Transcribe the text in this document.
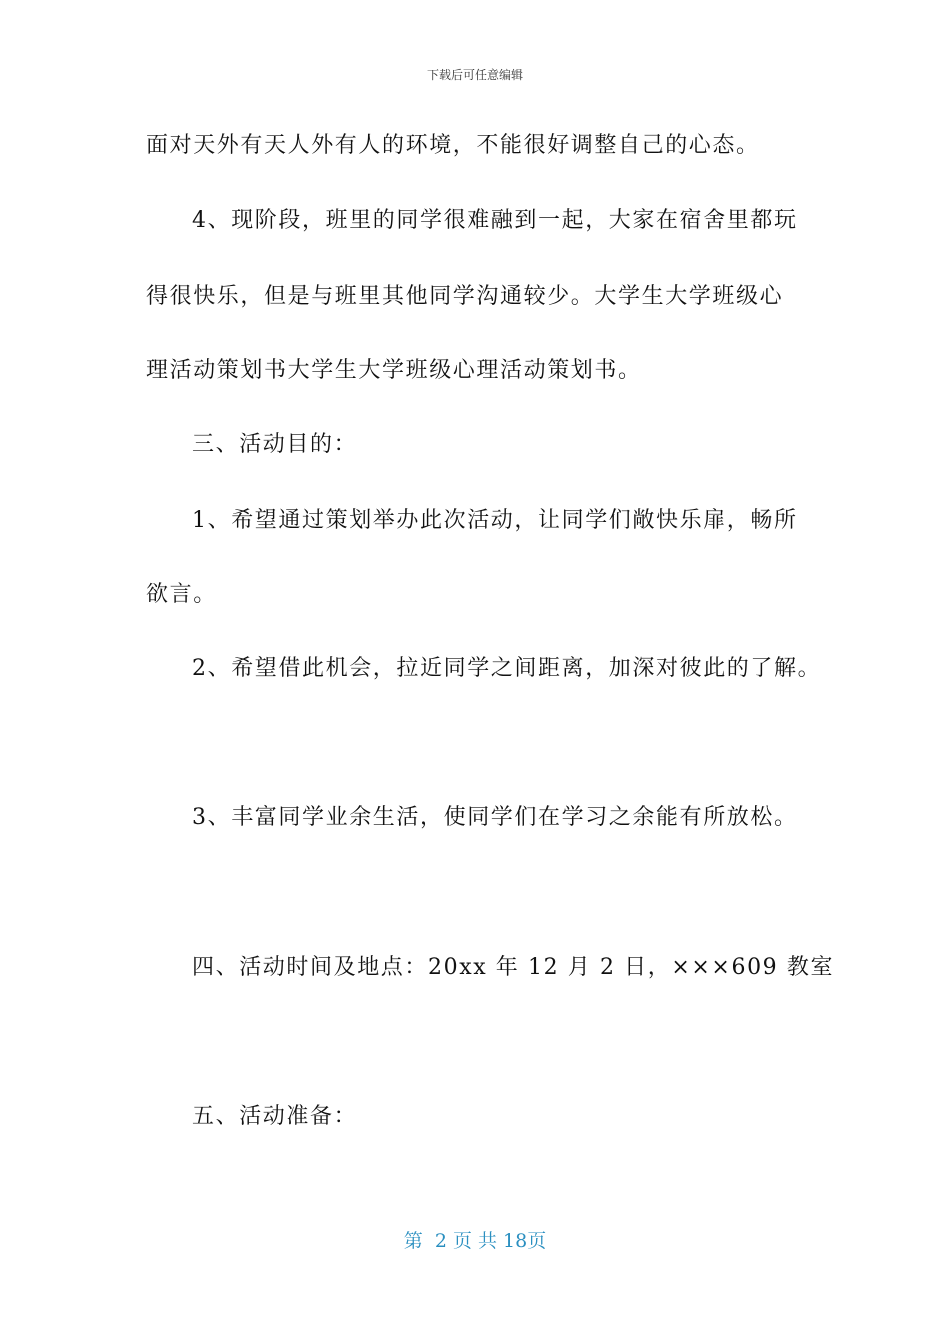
下载后可任意编辑
面对天外有天人外有人的环境，不能很好调整自己的心态。
4、现阶段，班里的同学很难融到一起，大家在宿舍里都玩
得很快乐，但是与班里其他同学沟通较少。大学生大学班级心
理活动策划书大学生大学班级心理活动策划书。
三、活动目的：
1、希望通过策划举办此次活动，让同学们敞快乐扉，畅所
欲言。
2、希望借此机会，拉近同学之间距离，加深对彼此的了解。
3、丰富同学业余生活，使同学们在学习之余能有所放松。
四、活动时间及地点：20xx 年 12 月 2 日，×××609 教室
五、活动准备：
第  2 页 共 18页
